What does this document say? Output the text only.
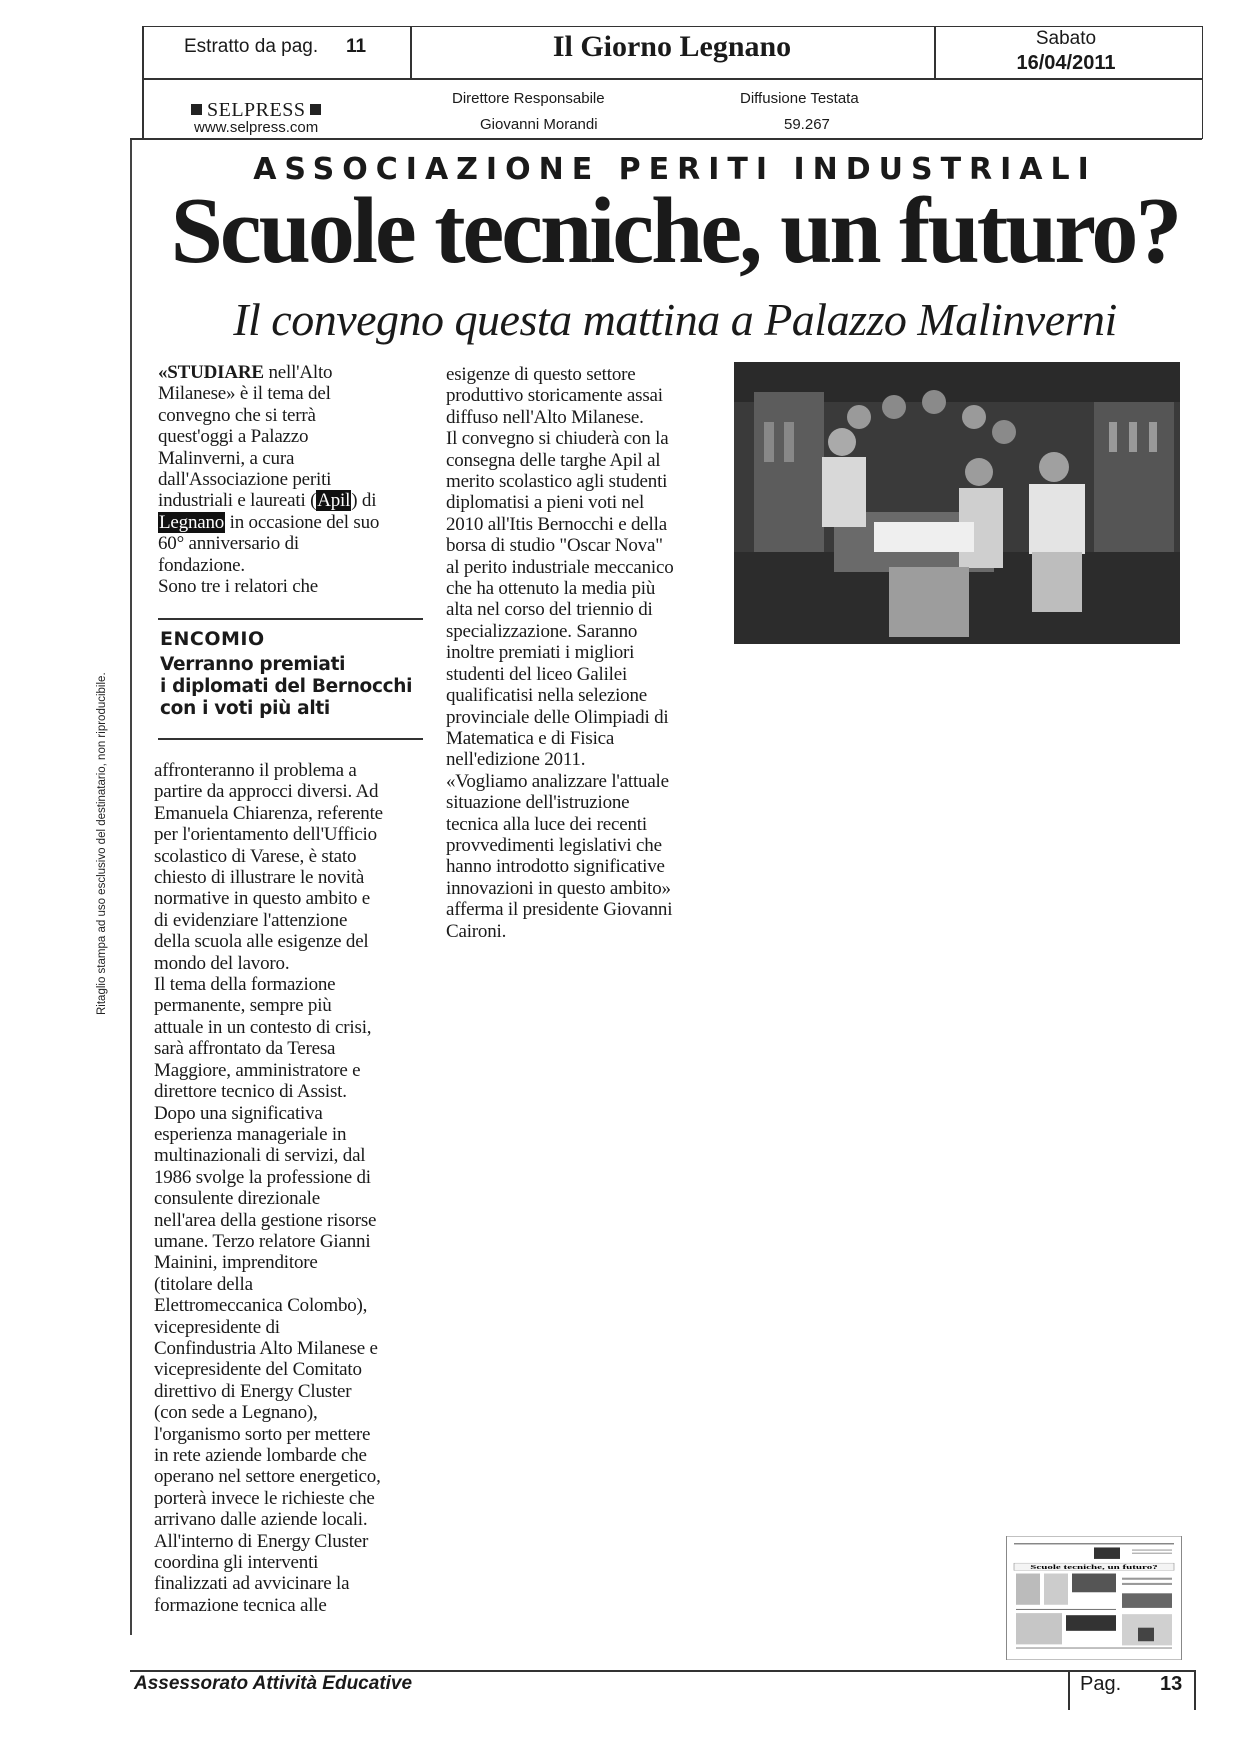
Estratto da pag. 11	Il Giorno Legnano	Sabato
16/04/2011
SELPRESS
www.selpress.com
Direttore Responsabile
Giovanni Morandi
Diffusione Testata
59.267
ASSOCIAZIONE PERITI INDUSTRIALI
Scuole tecniche, un futuro?
Il convegno questa mattina a Palazzo Malinverni

«STUDIARE nell'Alto
Milanese» è il tema del
convegno che si terrà
quest'oggi a Palazzo
Malinverni, a cura
dall'Associazione periti
industriali e laureati (Apil) di
Legnano in occasione del suo
60° anniversario di
fondazione.
Sono tre i relatori che

ENCOMIO
Verranno premiati
i diplomati del Bernocchi
con i voti più alti

affronteranno il problema a
partire da approcci diversi. Ad
Emanuela Chiarenza, referente
per l'orientamento dell'Ufficio
scolastico di Varese, è stato
chiesto di illustrare le novità
normative in questo ambito e
di evidenziare l'attenzione
della scuola alle esigenze del
mondo del lavoro.
Il tema della formazione
permanente, sempre più
attuale in un contesto di crisi,
sarà affrontato da Teresa
Maggiore, amministratore e
direttore tecnico di Assist.
Dopo una significativa
esperienza manageriale in
multinazionali di servizi, dal
1986 svolge la professione di
consulente direzionale
nell'area della gestione risorse
umane. Terzo relatore Gianni
Mainini, imprenditore
(titolare della
Elettromeccanica Colombo),
vicepresidente di
Confindustria Alto Milanese e
vicepresidente del Comitato
direttivo di Energy Cluster
(con sede a Legnano),
l'organismo sorto per mettere
in rete aziende lombarde che
operano nel settore energetico,
porterà invece le richieste che
arrivano dalle aziende locali.
All'interno di Energy Cluster
coordina gli interventi
finalizzati ad avvicinare la
formazione tecnica alle

esigenze di questo settore
produttivo storicamente assai
diffuso nell'Alto Milanese.
Il convegno si chiuderà con la
consegna delle targhe Apil al
merito scolastico agli studenti
diplomatisi a pieni voti nel
2010 all'Itis Bernocchi e della
borsa di studio "Oscar Nova"
al perito industriale meccanico
che ha ottenuto la media più
alta nel corso del triennio di
specializzazione. Saranno
inoltre premiati i migliori
studenti del liceo Galilei
qualificatisi nella selezione
provinciale delle Olimpiadi di
Matematica e di Fisica
nell'edizione 2011.
«Vogliamo analizzare l'attuale
situazione dell'istruzione
tecnica alla luce dei recenti
provvedimenti legislativi che
hanno introdotto significative
innovazioni in questo ambito»
afferma il presidente Giovanni
Caironi.

Ritaglio stampa ad uso esclusivo del destinatario, non riproducibile.
Scuole tecniche, un futuro?
Assessorato Attività Educative	Pag. 13
